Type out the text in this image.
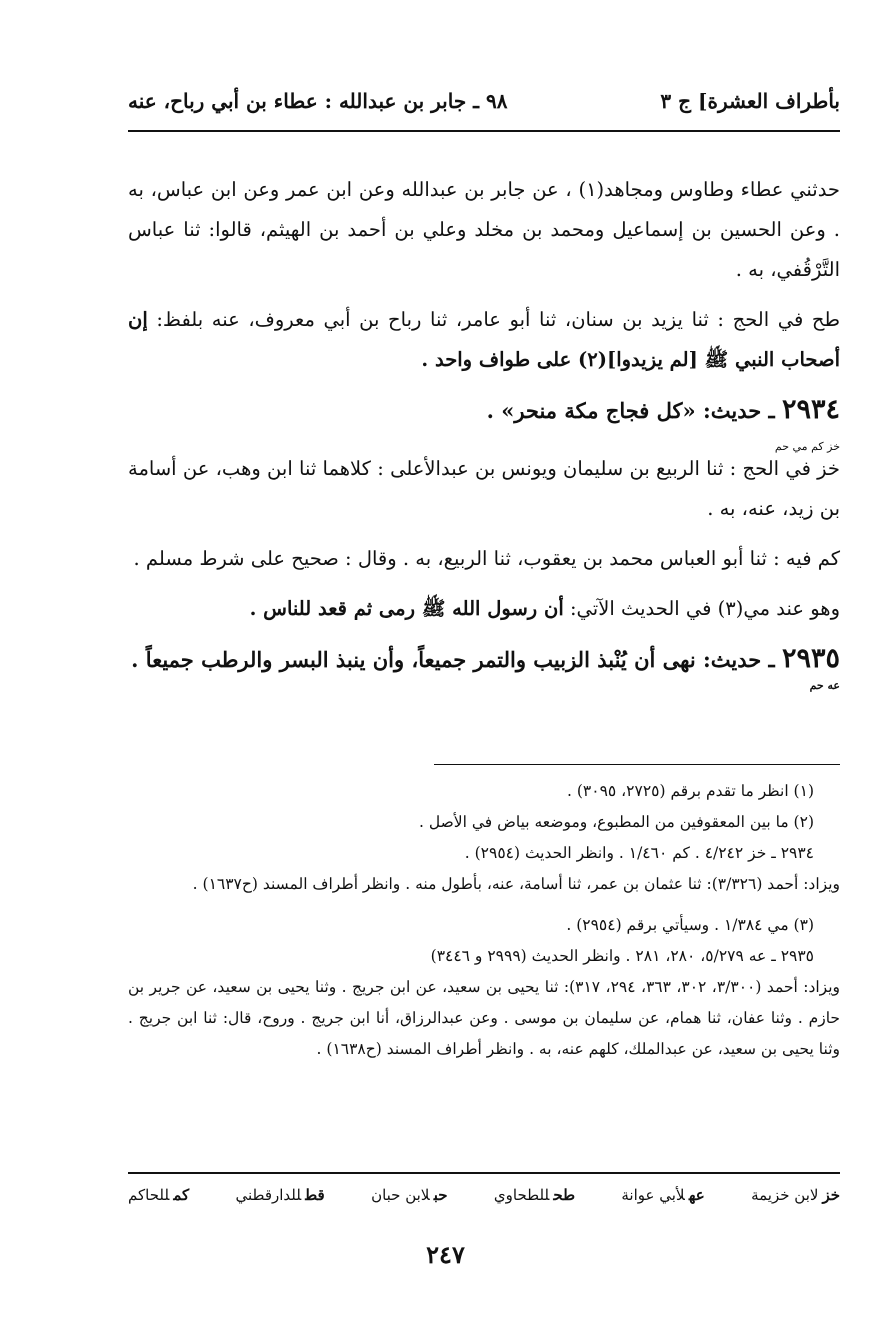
بأطراف العشرة] ج ٣
٩٨ ـ جابر بن عبدالله : عطاء بن أبي رباح، عنه

حدثني عطاء وطاوس ومجاهد(١) ، عن جابر بن عبدالله وعن ابن عمر وعن ابن عباس، به . وعن الحسين بن إسماعيل ومحمد بن مخلد وعلي بن أحمد بن الهيثم، قالوا: ثنا عباس التَّرْقُفي، به .

طح في الحج : ثنا يزيد بن سنان، ثنا أبو عامر، ثنا رباح بن أبي معروف، عنه بلفظ: إن أصحاب النبي ﷺ [لم يزيدوا](٢) على طواف واحد .

٢٩٣٤ ـ حديث: «كل فجاج مكة منحر» .

خز كم مي حم
خز في الحج : ثنا الربيع بن سليمان ويونس بن عبدالأعلى : كلاهما ثنا ابن وهب، عن أسامة بن زيد، عنه، به .

كم فيه : ثنا أبو العباس محمد بن يعقوب، ثنا الربيع، به . وقال : صحيح على شرط مسلم .

وهو عند مي(٣) في الحديث الآتي: أن رسول الله ﷺ رمى ثم قعد للناس .

٢٩٣٥ ـ حديث: نهى أن يُنْبذ الزبيب والتمر جميعاً، وأن ينبذ البسر والرطب جميعاً .
عه حم

(١) انظر ما تقدم برقم (٢٧٢٥، ٣٠٩٥) .

(٢) ما بين المعقوفين من المطبوع، وموضعه بياض في الأصل .

٢٩٣٤ ـ خز ٤/٢٤٢ . كم ١/٤٦٠ . وانظر الحديث (٢٩٥٤) .

ويزاد: أحمد (٣/٣٢٦): ثنا عثمان بن عمر، ثنا أسامة، عنه، بأطول منه . وانظر أطراف المسند (ح١٦٣٧) .

(٣) مي ١/٣٨٤ . وسيأتي برقم (٢٩٥٤) .

٢٩٣٥ ـ عه ٥/٢٧٩، ٢٨٠، ٢٨١ . وانظر الحديث (٢٩٩٩ و ٣٤٤٦)

ويزاد: أحمد (٣/٣٠٠، ٣٠٢، ٣٦٣، ٢٩٤، ٣١٧): ثنا يحيى بن سعيد، عن ابن جريج . وثنا يحيى بن سعيد، عن جرير بن حازم . وثنا عفان، ثنا همام، عن سليمان بن موسى . وعن عبدالرزاق، أنا ابن جريج . وروح، قال: ثنا ابن جريج . وثنا يحيى بن سعيد، عن عبدالملك، كلهم عنه، به . وانظر أطراف المسند (ح١٦٣٨) .

خزلابن خزيمة
عهلأبي عوانة
طحللطحاوي
حبلابن حبان
قطللدارقطني
كمللحاكم
٢٤٧
